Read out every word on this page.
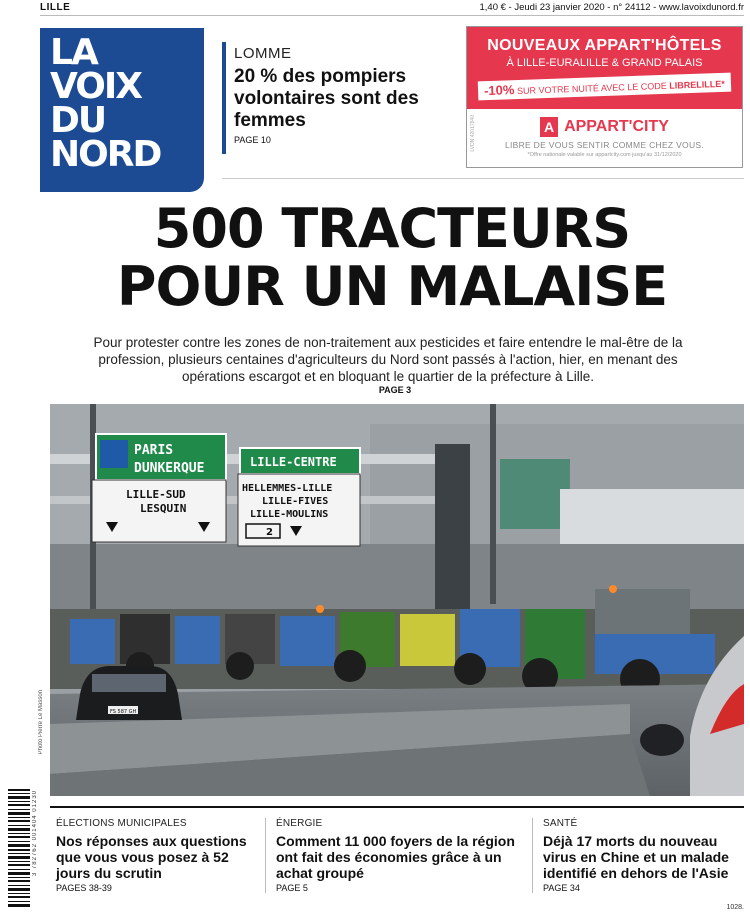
LILLE	1,40 € - Jeudi 23 janvier 2020 - n° 24112 - www.lavoixdunord.fr
LA
VOIX
DU
NORD
LOMME
20 % des pompiers volontaires sont des femmes
PAGE 10
NOUVEAUX APPART'HÔTELS
À LILLE-EURALILLE & GRAND PALAIS
-10% SUR VOTRE NUITÉ AVEC LE CODE LIBRELILLE*
A APPART'CITY
LIBRE DE VOUS SENTIR COMME CHEZ VOUS.
*Offre nationale valable sur appartcity.com jusqu'au 31/12/2020
LVDN 42017840
500 TRACTEURS
POUR UN MALAISE
Pour protester contre les zones de non-traitement aux pesticides et faire entendre le mal-être de la profession, plusieurs centaines d'agriculteurs du Nord sont passés à l'action, hier, en menant des opérations escargot et en bloquant le quartier de la préfecture à Lille.
PAGE 3
PARIS
DUNKERQUE
LILLE-SUD
LESQUIN
LILLE-CENTRE
HELLEMMES-LILLE
LILLE-FIVES
LILLE-MOULINS
2
FS 587 GH
Photo Pierre Le Masson
3 782762 001404 01230 ÉLECTIONS MUNICIPALES
Nos réponses aux questions que vous vous posez à 52 jours du scrutin
PAGES 38-39
ÉNERGIE
Comment 11 000 foyers de la région ont fait des économies grâce à un achat groupé
PAGE 5
SANTÉ
Déjà 17 morts du nouveau virus en Chine et un malade identifié en dehors de l'Asie
PAGE 34
1028.
